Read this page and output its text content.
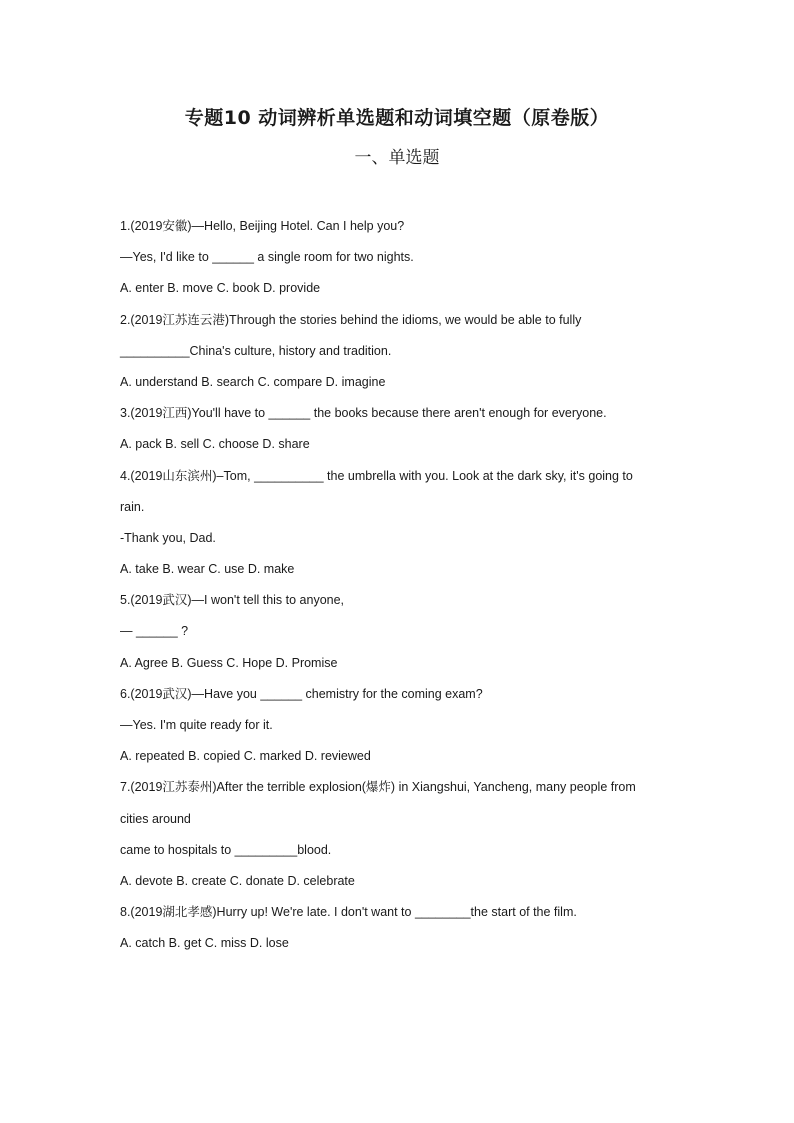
专题10 动词辨析单选题和动词填空题（原卷版）
一、单选题
1.(2019安徽)—Hello, Beijing Hotel. Can I help you?
—Yes, I'd like to ______ a single room for two nights.
A. enter B. move C. book D. provide
2.(2019江苏连云港)Through the stories behind the idioms, we would be able to fully
__________China's culture, history and tradition.
A. understand B. search C. compare D. imagine
3.(2019江西)You'll have to ______ the books because there aren't enough for everyone.
A. pack B. sell C. choose D. share
4.(2019山东滨州)–Tom, __________ the umbrella with you. Look at the dark sky, it's going to
rain.
-Thank you, Dad.
A. take B. wear C. use D. make
5.(2019武汉)—I won't tell this to anyone,
— ______ ?
A. Agree B. Guess C. Hope D. Promise
6.(2019武汉)—Have you ______ chemistry for the coming exam?
—Yes. I'm quite ready for it.
A. repeated B. copied C. marked D. reviewed
7.(2019江苏泰州)After the terrible explosion(爆炸) in Xiangshui, Yancheng, many people from
cities around
came to hospitals to _________blood.
A. devote B. create C. donate D. celebrate
8.(2019湖北孝感)Hurry up! We're late. I don't want to ________the start of the film.
A. catch B. get C. miss D. lose
